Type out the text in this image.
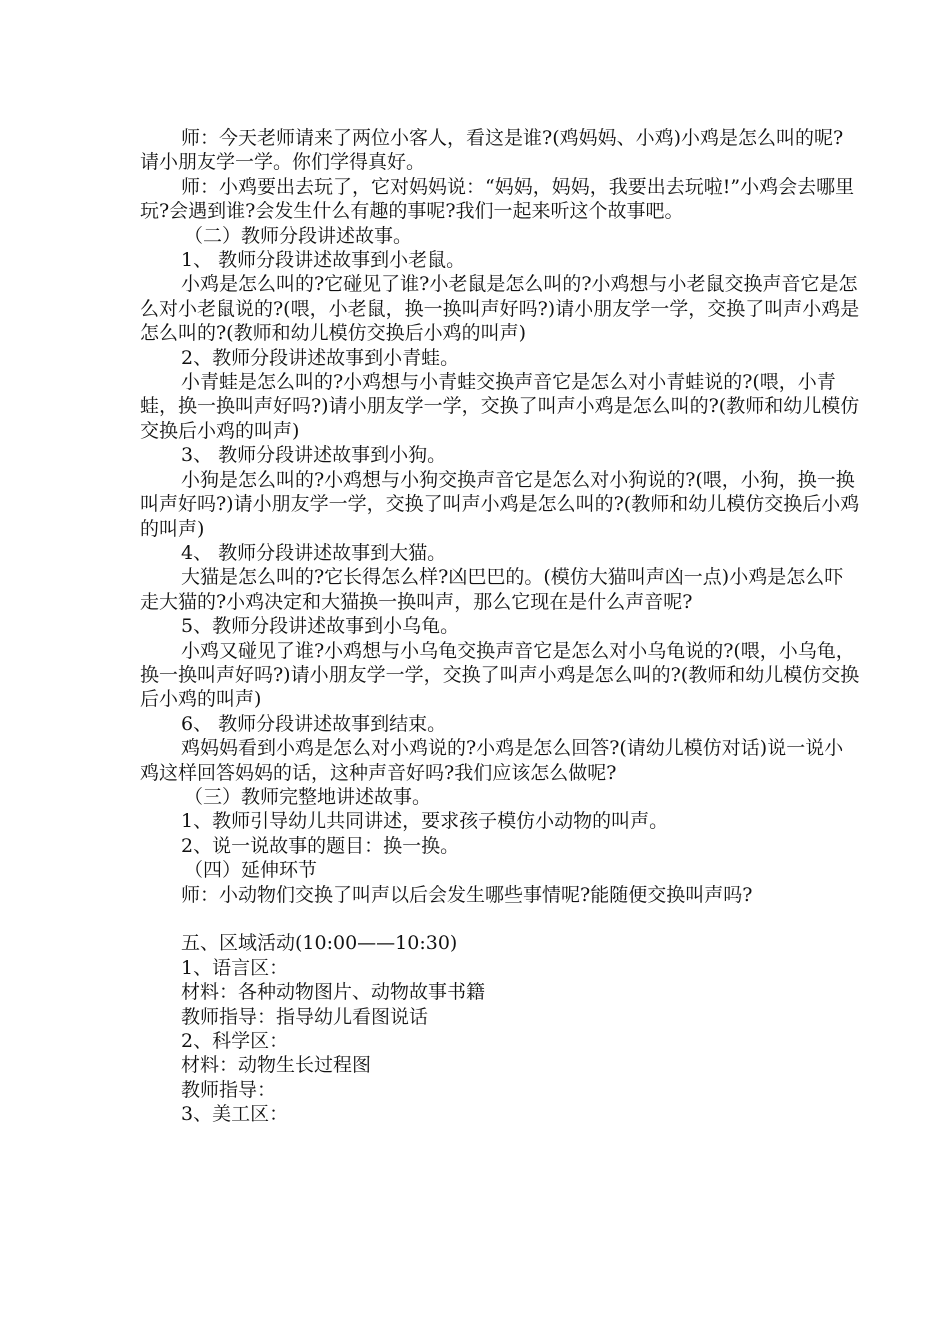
师：今天老师请来了两位小客人，看这是谁?(鸡妈妈、小鸡)小鸡是怎么叫的呢?请小朋友学一学。你们学得真好。

师：小鸡要出去玩了，它对妈妈说：“妈妈，妈妈，我要出去玩啦!”小鸡会去哪里玩?会遇到谁?会发生什么有趣的事呢?我们一起来听这个故事吧。

（二）教师分段讲述故事。

1、 教师分段讲述故事到小老鼠。

小鸡是怎么叫的?它碰见了谁?小老鼠是怎么叫的?小鸡想与小老鼠交换声音它是怎么对小老鼠说的?(喂，小老鼠，换一换叫声好吗?)请小朋友学一学，交换了叫声小鸡是怎么叫的?(教师和幼儿模仿交换后小鸡的叫声)

2、教师分段讲述故事到小青蛙。

小青蛙是怎么叫的?小鸡想与小青蛙交换声音它是怎么对小青蛙说的?(喂，小青蛙，换一换叫声好吗?)请小朋友学一学，交换了叫声小鸡是怎么叫的?(教师和幼儿模仿交换后小鸡的叫声)

3、 教师分段讲述故事到小狗。

小狗是怎么叫的?小鸡想与小狗交换声音它是怎么对小狗说的?(喂，小狗，换一换叫声好吗?)请小朋友学一学，交换了叫声小鸡是怎么叫的?(教师和幼儿模仿交换后小鸡的叫声)

4、 教师分段讲述故事到大猫。

大猫是怎么叫的?它长得怎么样?凶巴巴的。(模仿大猫叫声凶一点)小鸡是怎么吓走大猫的?小鸡决定和大猫换一换叫声，那么它现在是什么声音呢?

5、教师分段讲述故事到小乌龟。

小鸡又碰见了谁?小鸡想与小乌龟交换声音它是怎么对小乌龟说的?(喂，小乌龟，换一换叫声好吗?)请小朋友学一学，交换了叫声小鸡是怎么叫的?(教师和幼儿模仿交换后小鸡的叫声)

6、 教师分段讲述故事到结束。

鸡妈妈看到小鸡是怎么对小鸡说的?小鸡是怎么回答?(请幼儿模仿对话)说一说小鸡这样回答妈妈的话，这种声音好吗?我们应该怎么做呢?

（三）教师完整地讲述故事。

1、教师引导幼儿共同讲述，要求孩子模仿小动物的叫声。

2、说一说故事的题目：换一换。

（四）延伸环节

师：小动物们交换了叫声以后会发生哪些事情呢?能随便交换叫声吗?

五、区域活动(10:00——10:30)

1、语言区：

材料：各种动物图片、动物故事书籍

教师指导：指导幼儿看图说话

2、科学区：

材料：动物生长过程图

教师指导：

3、美工区：
